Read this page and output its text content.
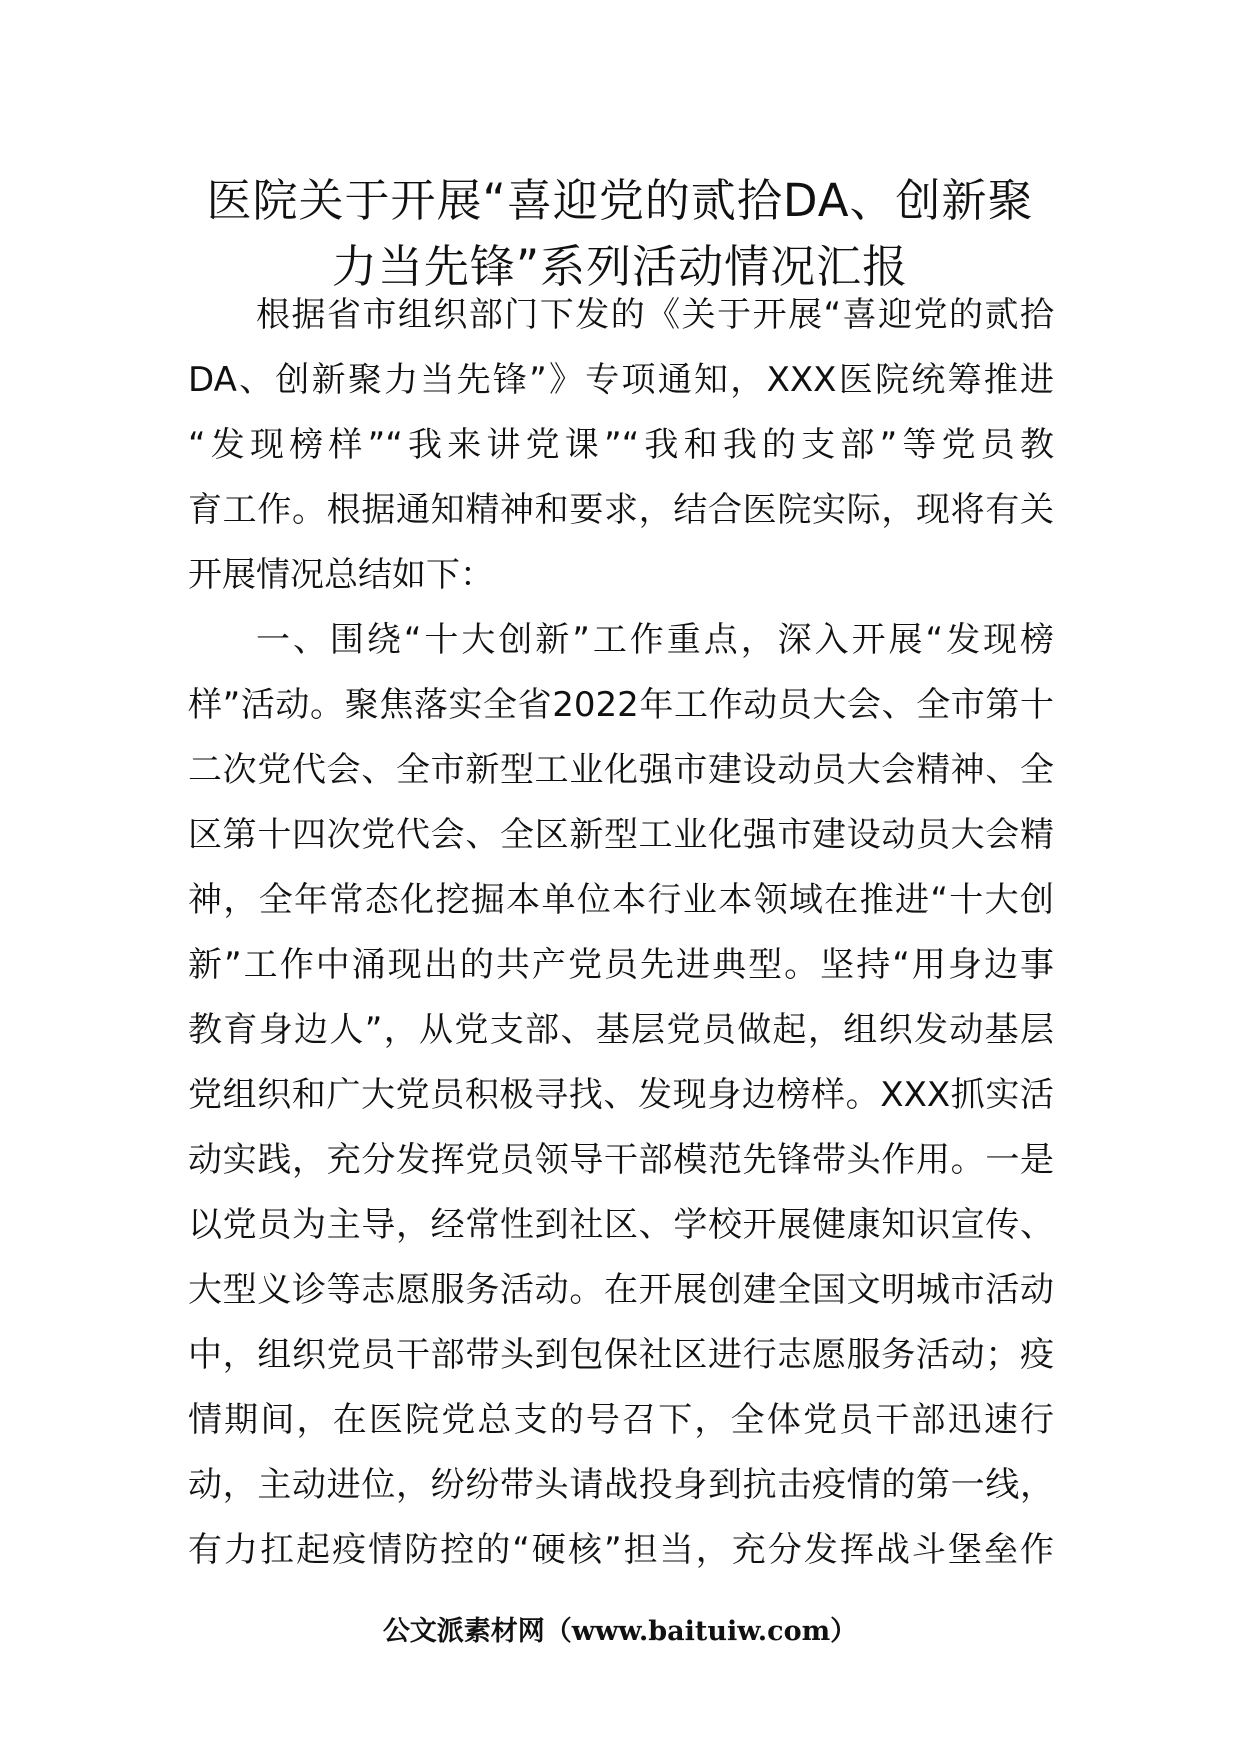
医院关于开展“喜迎党的贰拾DA、创新聚
力当先锋”系列活动情况汇报
根据省市组织部门下发的《关于开展“喜迎党的贰拾
DA、创新聚力当先锋”》专项通知，XXX医院统筹推进
“发现榜样”“我来讲党课”“我和我的支部”等党员教
育工作。根据通知精神和要求，结合医院实际，现将有关
开展情况总结如下：
一、围绕“十大创新”工作重点，深入开展“发现榜
样”活动。聚焦落实全省2022年工作动员大会、全市第十
二次党代会、全市新型工业化强市建设动员大会精神、全
区第十四次党代会、全区新型工业化强市建设动员大会精
神，全年常态化挖掘本单位本行业本领域在推进“十大创
新”工作中涌现出的共产党员先进典型。坚持“用身边事
教育身边人”，从党支部、基层党员做起，组织发动基层
党组织和广大党员积极寻找、发现身边榜样。XXX抓实活
动实践，充分发挥党员领导干部模范先锋带头作用。一是
以党员为主导，经常性到社区、学校开展健康知识宣传、
大型义诊等志愿服务活动。在开展创建全国文明城市活动
中，组织党员干部带头到包保社区进行志愿服务活动；疫
情期间，在医院党总支的号召下，全体党员干部迅速行
动，主动进位，纷纷带头请战投身到抗击疫情的第一线，
有力扛起疫情防控的“硬核”担当，充分发挥战斗堡垒作
公文派素材网（www.baituiw.com）
